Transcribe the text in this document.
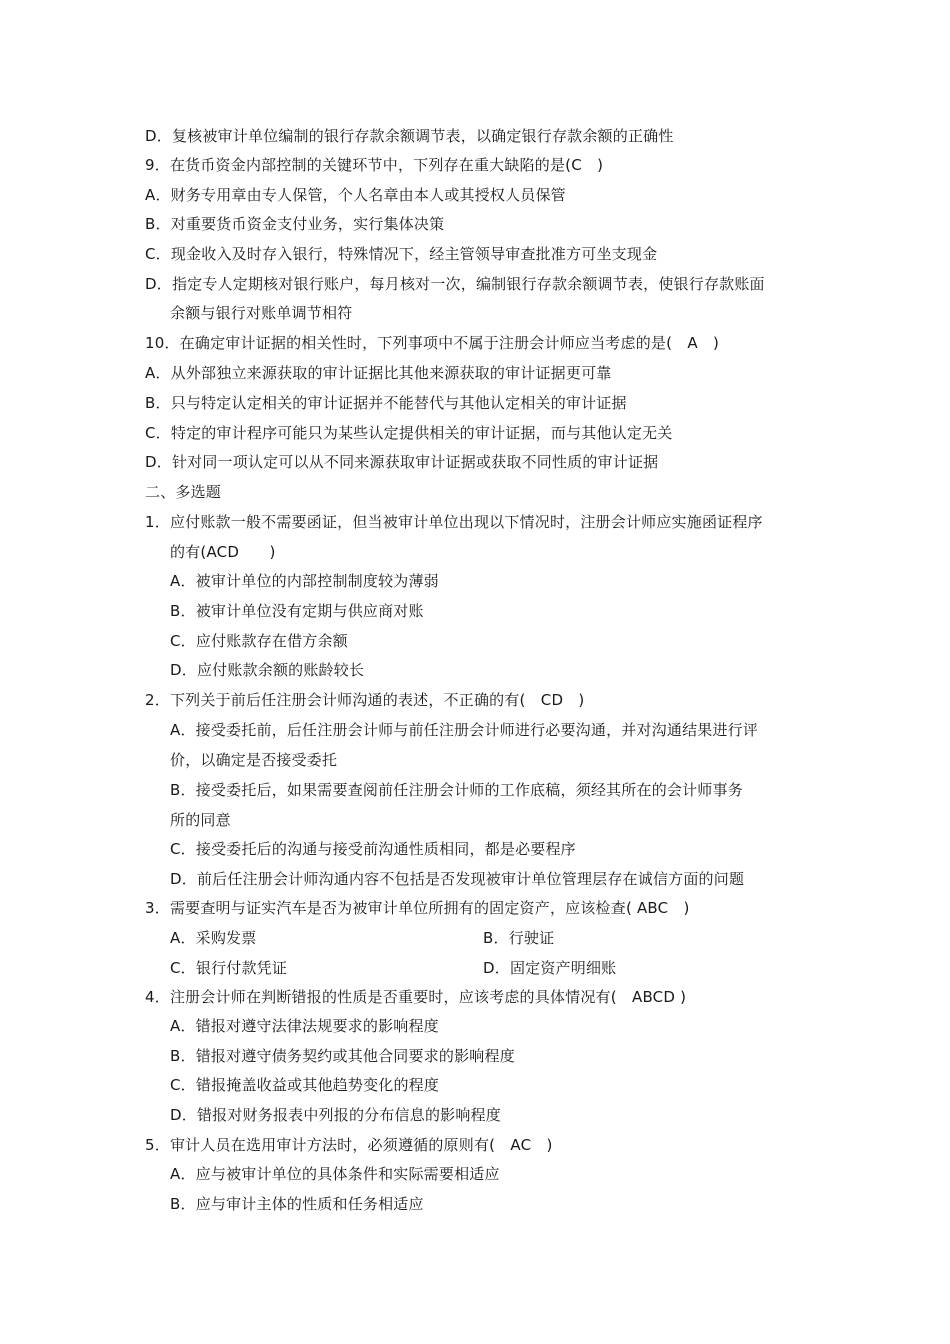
D．复核被审计单位编制的银行存款余额调节表，以确定银行存款余额的正确性
9．在货币资金内部控制的关键环节中，下列存在重大缺陷的是(C　)
A．财务专用章由专人保管，个人名章由本人或其授权人员保管
B．对重要货币资金支付业务，实行集体决策
C．现金收入及时存入银行，特殊情况下，经主管领导审查批准方可坐支现金
D．指定专人定期核对银行账户，每月核对一次，编制银行存款余额调节表，使银行存款账面
余额与银行对账单调节相符
10．在确定审计证据的相关性时，下列事项中不属于注册会计师应当考虑的是(　A　)
A．从外部独立来源获取的审计证据比其他来源获取的审计证据更可靠
B．只与特定认定相关的审计证据并不能替代与其他认定相关的审计证据
C．特定的审计程序可能只为某些认定提供相关的审计证据，而与其他认定无关
D．针对同一项认定可以从不同来源获取审计证据或获取不同性质的审计证据
二、多选题
1．应付账款一般不需要函证，但当被审计单位出现以下情况时，注册会计师应实施函证程序
的有(ACD　　)
A．被审计单位的内部控制制度较为薄弱
B．被审计单位没有定期与供应商对账
C．应付账款存在借方余额
D．应付账款余额的账龄较长
2．下列关于前后任注册会计师沟通的表述，不正确的有(　CD　)
A．接受委托前，后任注册会计师与前任注册会计师进行必要沟通，并对沟通结果进行评
价，以确定是否接受委托
B．接受委托后，如果需要查阅前任注册会计师的工作底稿，须经其所在的会计师事务
所的同意
C．接受委托后的沟通与接受前沟通性质相同，都是必要程序
D．前后任注册会计师沟通内容不包括是否发现被审计单位管理层存在诚信方面的问题
3．需要查明与证实汽车是否为被审计单位所拥有的固定资产，应该检查( ABC　)
A．采购发票	B．行驶证
C．银行付款凭证	D．固定资产明细账
4．注册会计师在判断错报的性质是否重要时，应该考虑的具体情况有(　ABCD )
A．错报对遵守法律法规要求的影响程度
B．错报对遵守债务契约或其他合同要求的影响程度
C．错报掩盖收益或其他趋势变化的程度
D．错报对财务报表中列报的分布信息的影响程度
5．审计人员在选用审计方法时，必须遵循的原则有(　AC　)
A．应与被审计单位的具体条件和实际需要相适应
B．应与审计主体的性质和任务相适应
